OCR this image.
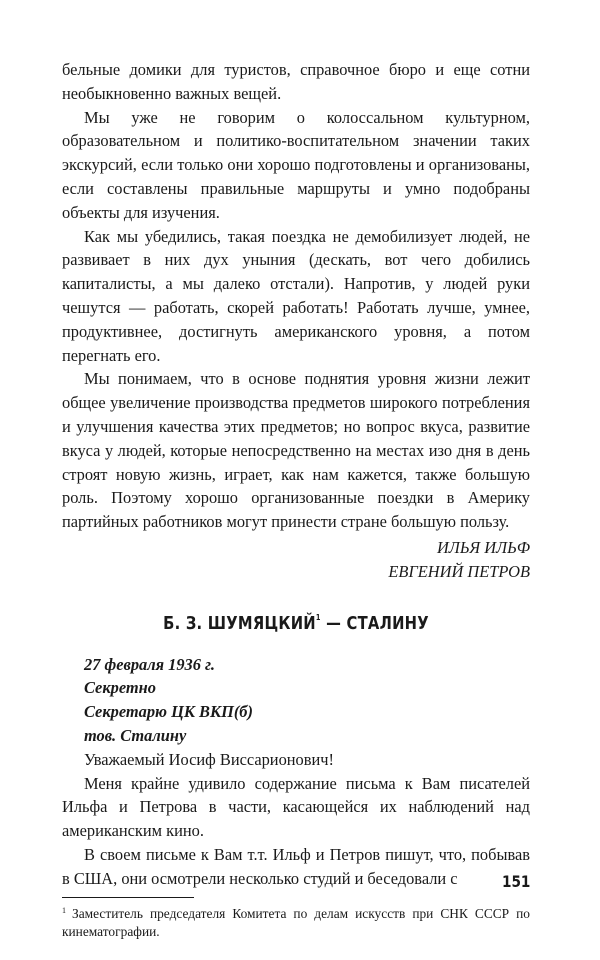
бельные домики для туристов, справочное бюро и еще сотни необыкновенно важных вещей.

Мы уже не говорим о колоссальном культурном, образовательном и политико-воспитательном значении таких экскурсий, если только они хорошо подготовлены и организованы, если составлены правильные маршруты и умно подобраны объекты для изучения.

Как мы убедились, такая поездка не демобилизует людей, не развивает в них дух уныния (дескать, вот чего добились капиталисты, а мы далеко отстали). Напротив, у людей руки чешутся — работать, скорей работать! Работать лучше, умнее, продуктивнее, достигнуть американского уровня, а потом перегнать его.

Мы понимаем, что в основе поднятия уровня жизни лежит общее увеличение производства предметов широкого потребления и улучшения качества этих предметов; но вопрос вкуса, развитие вкуса у людей, которые непосредственно на местах изо дня в день строят новую жизнь, играет, как нам кажется, также большую роль. Поэтому хорошо организованные поездки в Америку партийных работников могут принести стране большую пользу.

ИЛЬЯ ИЛЬФ

ЕВГЕНИЙ ПЕТРОВ

Б. З. ШУМЯЦКИЙ$^1$ — СТАЛИНУ

27 февраля 1936 г.

Секретно

Секретарю ЦК ВКП(б)

тов. Сталину

Уважаемый Иосиф Виссарионович!

Меня крайне удивило содержание письма к Вам писателей Ильфа и Петрова в части, касающейся их наблюдений над американским кино.

В своем письме к Вам т.т. Ильф и Петров пишут, что, побывав в США, они осмотрели несколько студий и беседовали с

$^1$ Заместитель председателя Комитета по делам искусств при СНК СССР по кинематографии.

151
